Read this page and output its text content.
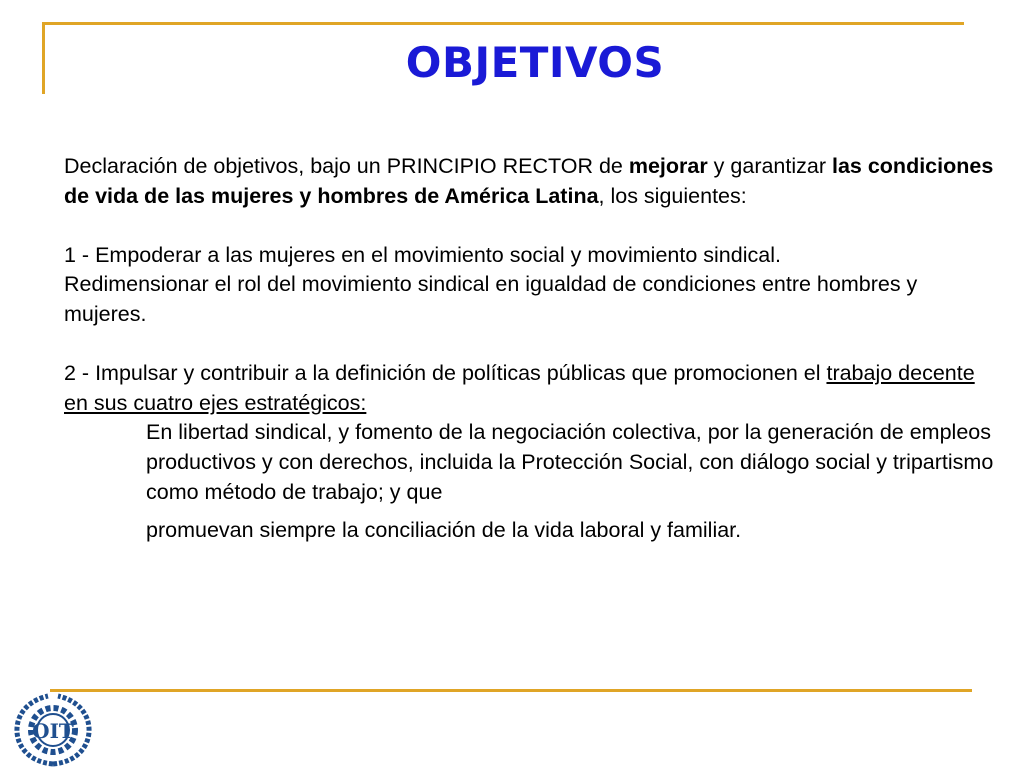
OBJETIVOS

Declaración de objetivos, bajo un PRINCIPIO RECTOR de mejorar y garantizar las condiciones de vida de las mujeres y hombres de América Latina, los siguientes:

1 - Empoderar a las mujeres en el movimiento social y movimiento sindical.

Redimensionar el rol del movimiento sindical en igualdad de condiciones entre hombres y mujeres.

2 - Impulsar y contribuir a la definición de políticas públicas que promocionen el trabajo decente en sus cuatro ejes estratégicos:

En libertad sindical, y fomento de la negociación colectiva, por la generación de empleos productivos y con derechos, incluida la Protección Social, con diálogo social y tripartismo como método de trabajo; y que

promuevan siempre la conciliación de la vida laboral y familiar.

OIT
